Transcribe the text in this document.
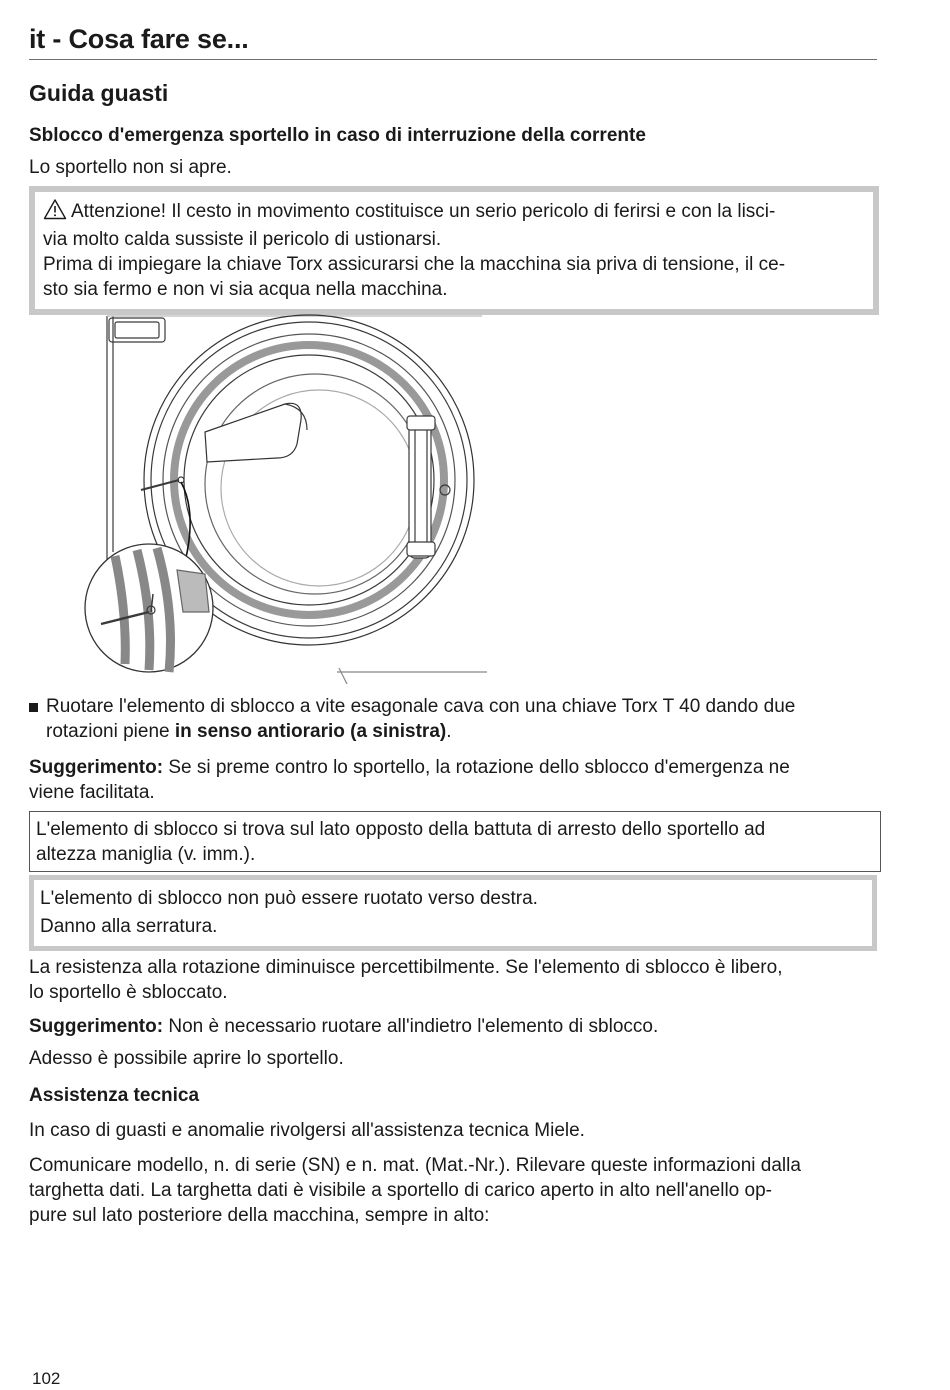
it - Cosa fare se...
Guida guasti
Sblocco d'emergenza sportello in caso di interruzione della corrente
Lo sportello non si apre.
Attenzione! Il cesto in movimento costituisce un serio pericolo di ferirsi e con la lisci-
via molto calda sussiste il pericolo di ustionarsi.
Prima di impiegare la chiave Torx assicurarsi che la macchina sia priva di tensione, il ce-
sto sia fermo e non vi sia acqua nella macchina.
Ruotare l'elemento di sblocco a vite esagonale cava con una chiave Torx T 40 dando due
rotazioni piene in senso antiorario (a sinistra).
Suggerimento: Se si preme contro lo sportello, la rotazione dello sblocco d'emergenza ne
viene facilitata.
L'elemento di sblocco si trova sul lato opposto della battuta di arresto dello sportello ad
altezza maniglia (v. imm.).
L'elemento di sblocco non può essere ruotato verso destra.
Danno alla serratura.
La resistenza alla rotazione diminuisce percettibilmente. Se l'elemento di sblocco è libero,
lo sportello è sbloccato.
Suggerimento: Non è necessario ruotare all'indietro l'elemento di sblocco.
Adesso è possibile aprire lo sportello.
Assistenza tecnica
In caso di guasti e anomalie rivolgersi all'assistenza tecnica Miele.
Comunicare modello, n. di serie (SN) e n. mat. (Mat.-Nr.). Rilevare queste informazioni dalla
targhetta dati. La targhetta dati è visibile a sportello di carico aperto in alto nell'anello op-
pure sul lato posteriore della macchina, sempre in alto:
102
